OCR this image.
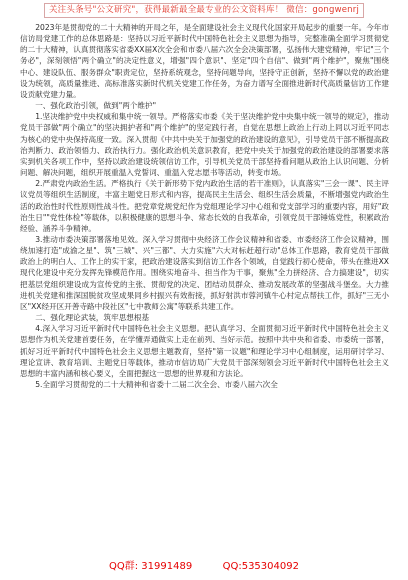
关注头条号"公文研究"，获得最新最全最专业的公文资料库！ 微信：gongwenrj

2023年是贯彻党的二十大精神的开局之年，是全面建设社会主义现代化国家开局起步的重要一年。今年市信访局党建工作的总体思路是：坚持以习近平新时代中国特色社会主义思想为指导，完整准确全面学习贯彻党的二十大精神，认真贯彻落实省委XX届X次全会和市委八届六次全会决策部署，弘扬伟大建党精神，牢记"三个务必"，深刻领悟"两个确立"的决定性意义，增强"四个意识"、坚定"四个自信"、做到"两个维护"，聚焦"围绕中心、建设队伍、服务群众"职责定位，坚持系统观念，坚持问题导向，坚持守正创新，坚持不懈以党的政治建设为统领，高质量推进、高标准落实新时代机关党建工作任务，为奋力谱写全面推进新时代高质量信访工作建设贡献党建力量。

一、强化政治引领，做到"两个维护"

1.坚决维护党中央权威和集中统一领导。严格落实市委《关于坚决维护党中央集中统一领导的规定》，推动党员干部做"两个确立"的坚决拥护者和"两个维护"的坚定践行者，自觉在思想上政治上行动上同以习近平同志为核心的党中央保持高度一致。深入贯彻《中共中央关于加强党的政治建设的意见》，引导党员干部不断提高政治判断力、政治领悟力、政治执行力。强化政治机关意识教育，把党中央关于加强党的政治建设的部署要求落实到机关各项工作中，坚持以政治建设统领信访工作，引导机关党员干部坚持看问题从政治上认识问题、分析问题、解决问题，组织开展重温入党誓词、重温入党志愿书等活动，转变市场。

2.严肃党内政治生活。严格执行《关于新形势下党内政治生活的若干准则》，认真落实"三会一课"、民主评议党员等组织生活制度，丰富主题党日形式和内容，提高民主生活会、组织生活会质量，不断增强党内政治生活的政治性时代性原则性战斗性。把党章党规党纪作为党组理论学习中心组和党支部学习的重要内容，用好"政治生日""党性体检"等载体，以积极健康的思想斗争、常态长效的自我革命，引领党员干部锤炼党性，积累政治经验、涵养斗争精神。

3.推动市委决策部署落地见效。深入学习贯彻中央经济工作会议精神和省委、市委经济工作会议精神，围绕加速打造"成渝之星"、筑"三城"、兴"三都"、大力实施"六大对标赶超行动"总体工作思路，教育党员干部做政治上的明白人、工作上的实干家，把政治建设落实到信访工作各个领域，自觉践行初心使命，带头在推进XX现代化建设中充分发挥先锋模范作用。围绕实地奋斗、担当作为干事，聚焦"全力拼经济、合力搞建设"，切实把基层党组织建设成为宣传党的主张、贯彻党的决定、团结动员群众、推动发展改革的坚强战斗堡垒。大力推进机关党建和推深国脱贫攻坚成果同乡村振兴有效衔接，抓好射洪市蓉河镇牛心村定点帮扶工作，抓好"三无小区"XX经开区开善寺路中段社区"七中教师公寓"等联系共建工作。

二、强化理论武装，筑牢思想根基

4.深入学习习近平新时代中国特色社会主义思想。把认真学习、全面贯彻习近平新时代中国特色社会主义思想作为机关党建首要任务，在学懂弄通做实上走在前列、当好示范。按照中共中央和省委、市委统一部署，抓好习近平新时代中国特色社会主义思想主题教育，坚持"第一议题"和理论学习中心组制度，运用研讨学习、理论宣讲、教育培训、主题党日等载体，推动市信访局广大党员干部深刻领会习近平新时代中国特色社会主义思想的丰富内涵和核心要义，全面把握这一思想的世界观和方法论。

5.全面学习贯彻党的二十大精神和省委十二届二次全会、市委八届六次全

QQ群: 31991489	QQ:535304092
